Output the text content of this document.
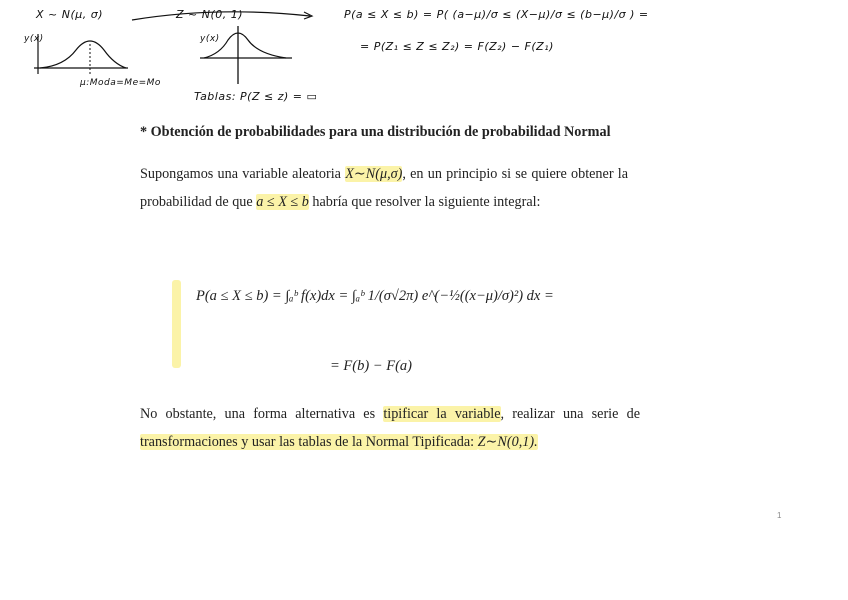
X ~ N(μ, σ)	Z ~ N(0, 1)
y(x)
μ:Moda=Me=Mo
y(x)
P(a ≤ X ≤ b) = P( (a−μ)/σ ≤ (X−μ)/σ ≤ (b−μ)/σ ) =
= P(Z₁ ≤ Z ≤ Z₂) = F(Z₂) − F(Z₁)
Tablas: P(Z ≤ z) = ▭

* Obtención de probabilidades para una distribución de probabilidad Normal

Supongamos una variable aleatoria X∼N(μ,σ), en un principio si se quiere obtener la probabilidad de que a ≤ X ≤ b habría que resolver la siguiente integral:

P(a ≤ X ≤ b) = ∫ₐᵇ f(x)dx = ∫ₐᵇ 1/(σ√2π) e^(−½((x−μ)/σ)²) dx =
= F(b) − F(a)

No obstante, una forma alternativa es tipificar la variable, realizar una serie de transformaciones y usar las tablas de la Normal Tipificada: Z∼N(0,1).

1
